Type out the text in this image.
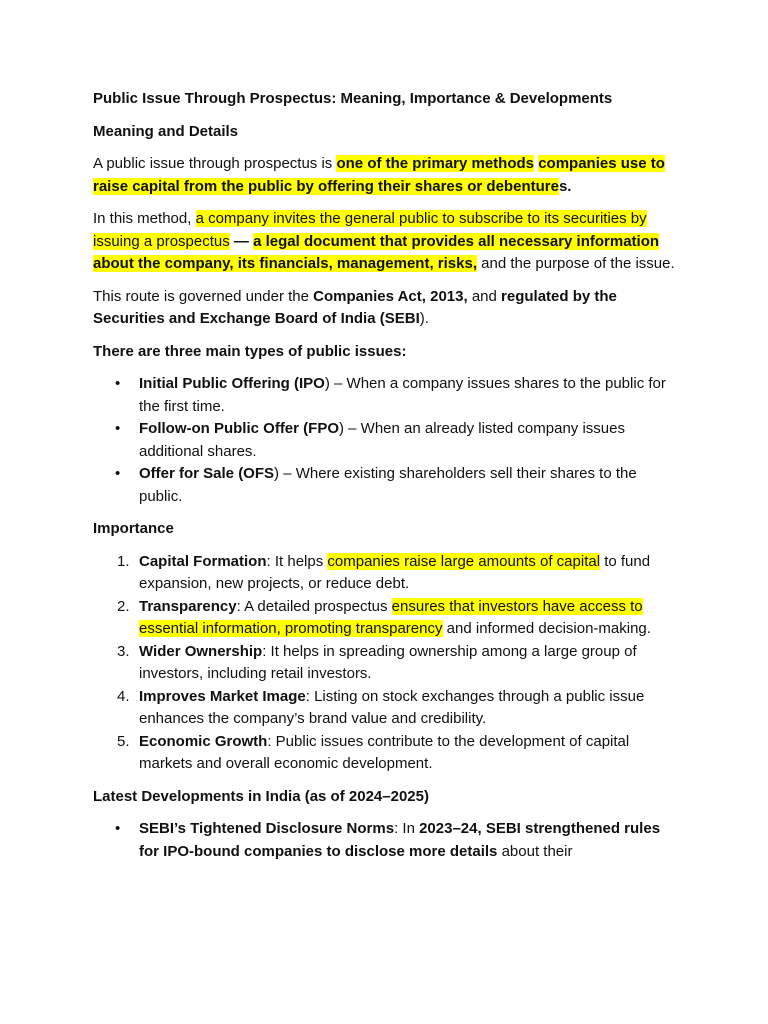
Public Issue Through Prospectus: Meaning, Importance & Developments

Meaning and Details

A public issue through prospectus is one of the primary methods companies use to raise capital from the public by offering their shares or debentures.

In this method, a company invites the general public to subscribe to its securities by issuing a prospectus — a legal document that provides all necessary information about the company, its financials, management, risks, and the purpose of the issue.

This route is governed under the Companies Act, 2013, and regulated by the Securities and Exchange Board of India (SEBI).

There are three main types of public issues:

• Initial Public Offering (IPO) – When a company issues shares to the public for the first time.
• Follow-on Public Offer (FPO) – When an already listed company issues additional shares.
• Offer for Sale (OFS) – Where existing shareholders sell their shares to the public.

Importance

1. Capital Formation: It helps companies raise large amounts of capital to fund expansion, new projects, or reduce debt.
2. Transparency: A detailed prospectus ensures that investors have access to essential information, promoting transparency and informed decision-making.
3. Wider Ownership: It helps in spreading ownership among a large group of investors, including retail investors.
4. Improves Market Image: Listing on stock exchanges through a public issue enhances the company’s brand value and credibility.
5. Economic Growth: Public issues contribute to the development of capital markets and overall economic development.

Latest Developments in India (as of 2024–2025)

• SEBI’s Tightened Disclosure Norms: In 2023–24, SEBI strengthened rules for IPO-bound companies to disclose more details about their
